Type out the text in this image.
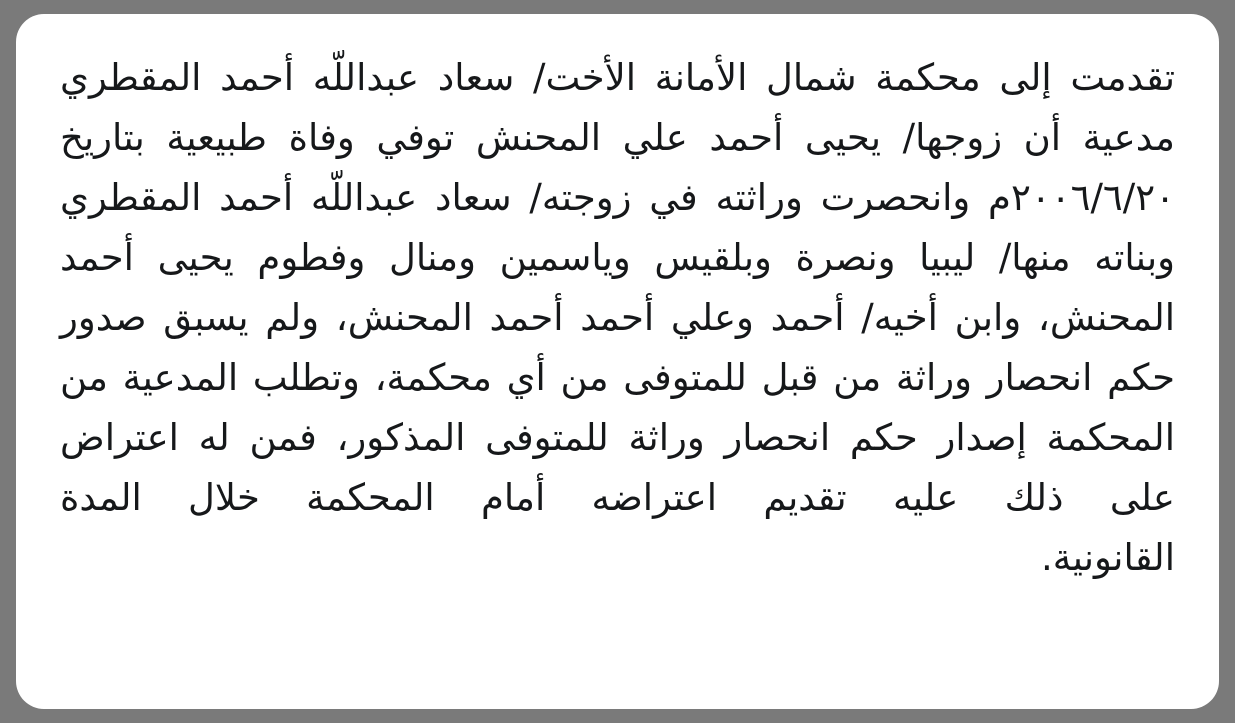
تقدمت إلى محكمة شمال الأمانة الأخت/ سعاد عبداللّه أحمد المقطري مدعية أن زوجها/ يحيى أحمد علي المحنش توفي وفاة طبيعية بتاريخ ٢٠٠٦/٦/٢٠م وانحصرت وراثته في زوجته/ سعاد عبداللّه أحمد المقطري وبناته منها/ ليبيا ونصرة وبلقيس وياسمين ومنال وفطوم يحيى أحمد المحنش، وابن أخيه/ أحمد وعلي أحمد أحمد المحنش، ولم يسبق صدور حكم انحصار وراثة من قبل للمتوفى من أي محكمة، وتطلب المدعية من المحكمة إصدار حكم انحصار وراثة للمتوفى المذكور، فمن له اعتراض على ذلك عليه تقديم اعتراضه أمام المحكمة خلال المدة
القانونية.
